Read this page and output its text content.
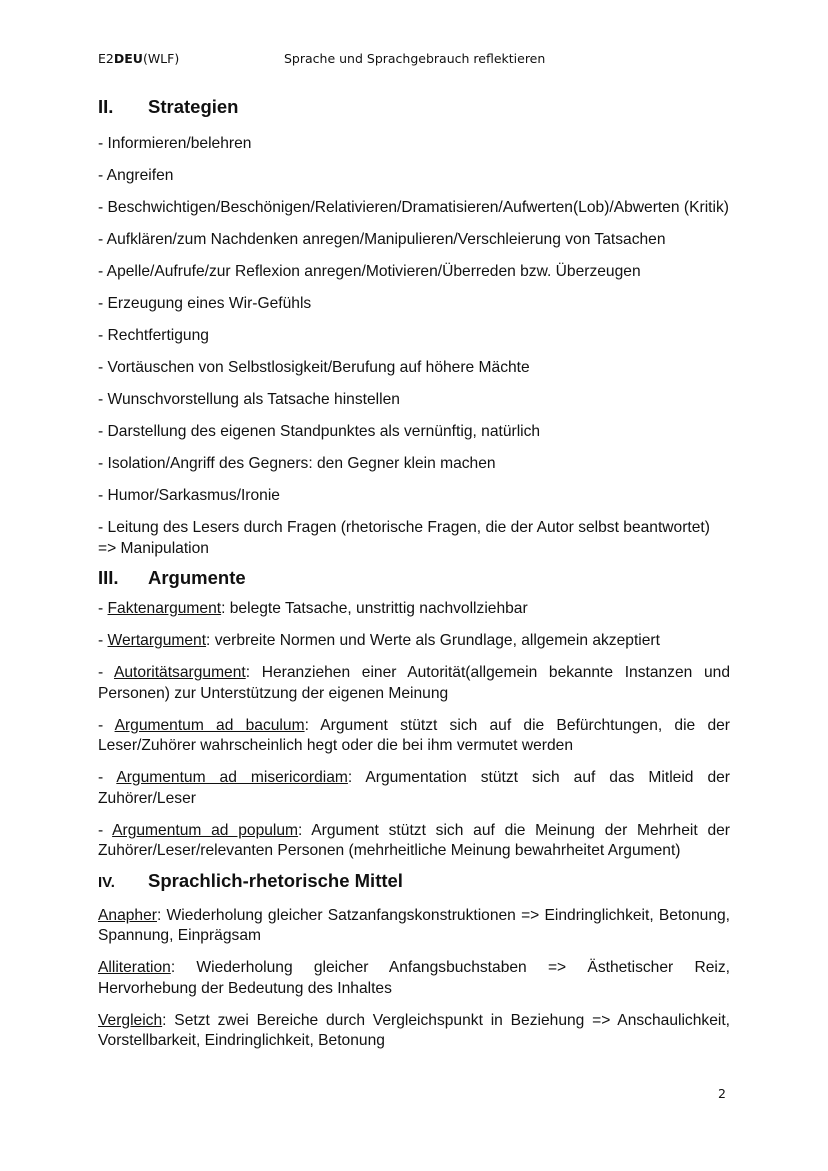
E2DEU(WLF)	Sprache und Sprachgebrauch reflektieren
II.	Strategien

- Informieren/belehren

- Angreifen

- Beschwichtigen/Beschönigen/Relativieren/Dramatisieren/Aufwerten(Lob)/Abwerten (Kritik)

- Aufklären/zum Nachdenken anregen/Manipulieren/Verschleierung von Tatsachen

- Apelle/Aufrufe/zur Reflexion anregen/Motivieren/Überreden bzw. Überzeugen

- Erzeugung eines Wir-Gefühls

- Rechtfertigung

- Vortäuschen von Selbstlosigkeit/Berufung auf höhere Mächte

- Wunschvorstellung als Tatsache hinstellen

- Darstellung des eigenen Standpunktes als vernünftig, natürlich

- Isolation/Angriff des Gegners: den Gegner klein machen

- Humor/Sarkasmus/Ironie

- Leitung des Lesers durch Fragen (rhetorische Fragen, die der Autor selbst beantwortet) => Manipulation

III.	Argumente

- Faktenargument: belegte Tatsache, unstrittig nachvollziehbar

- Wertargument: verbreite Normen und Werte als Grundlage, allgemein akzeptiert

- Autoritätsargument: Heranziehen einer Autorität(allgemein bekannte Instanzen und Personen) zur Unterstützung der eigenen Meinung

- Argumentum ad baculum: Argument stützt sich auf die Befürchtungen, die der Leser/Zuhörer wahrscheinlich hegt oder die bei ihm vermutet werden

- Argumentum ad misericordiam: Argumentation stützt sich auf das Mitleid der Zuhörer/Leser

- Argumentum ad populum: Argument stützt sich auf die Meinung der Mehrheit der Zuhörer/Leser/relevanten Personen (mehrheitliche Meinung bewahrheitet Argument)

IV.	Sprachlich-rhetorische Mittel

Anapher: Wiederholung gleicher Satzanfangskonstruktionen => Eindringlichkeit, Betonung, Spannung, Einprägsam

Alliteration: Wiederholung gleicher Anfangsbuchstaben => Ästhetischer Reiz, Hervorhebung der Bedeutung des Inhaltes

Vergleich: Setzt zwei Bereiche durch Vergleichspunkt in Beziehung => Anschaulichkeit, Vorstellbarkeit, Eindringlichkeit, Betonung

2
